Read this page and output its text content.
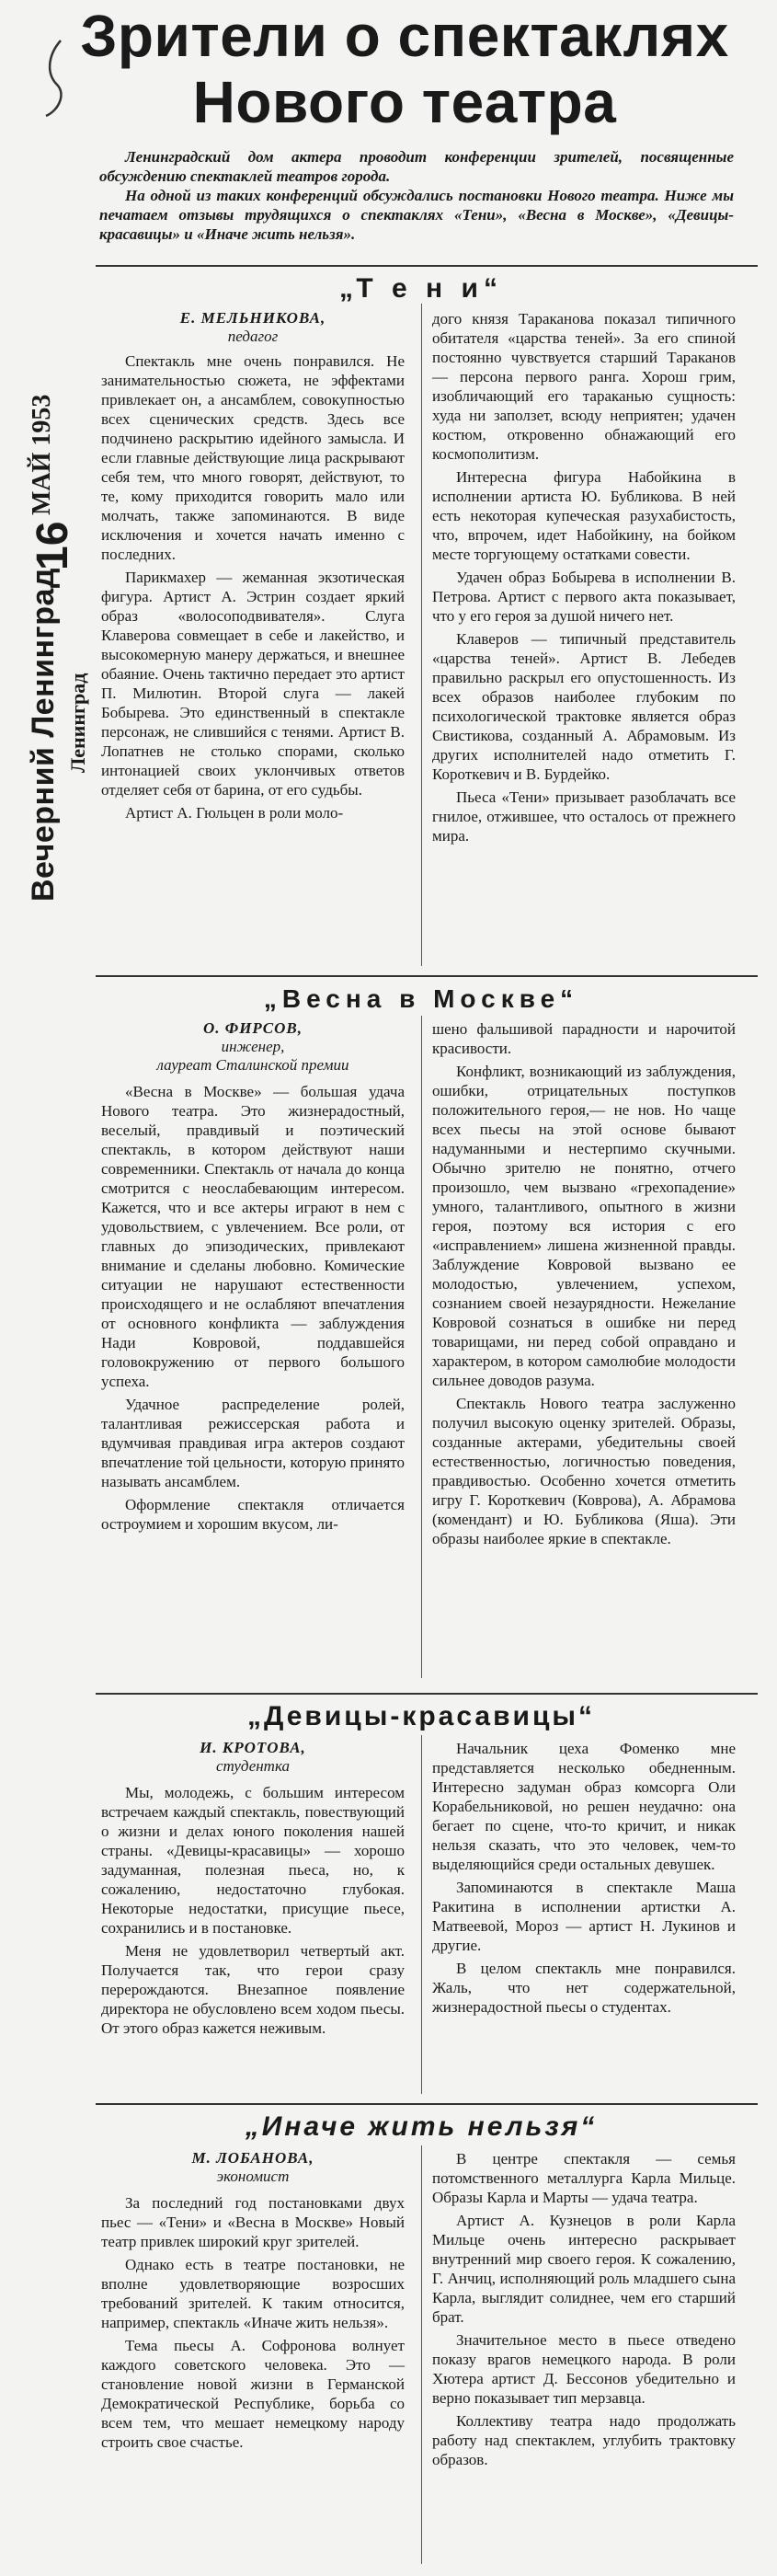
Вечерний Ленинград
16
МАЙ 1953
Ленинград
Зрители о спектаклях
Нового театра
Ленинградский дом актера проводит конференции зрителей, посвященные обсуждению спектаклей театров города.
На одной из таких конференций обсуждались постановки Нового театра. Ниже мы печатаем отзывы трудящихся о спектаклях «Тени», «Весна в Москве», «Девицы-красавицы» и «Иначе жить нельзя».
„Т е н и“
Е. МЕЛЬНИКОВА,
педагог

Спектакль мне очень понравился. Не занимательностью сюжета, не эффектами привлекает он, а ансамблем, совокупностью всех сценических средств. Здесь все подчинено раскрытию идейного замысла. И если главные действующие лица раскрывают себя тем, что много говорят, действуют, то те, кому приходится говорить мало или молчать, также запоминаются. В виде исключения и хочется начать именно с последних.

Парикмахер — жеманная экзотическая фигура. Артист А. Эстрин создает яркий образ «волосоподвивателя». Слуга Клаверова совмещает в себе и лакейство, и высокомерную манеру держаться, и внешнее обаяние. Очень тактично передает это артист П. Милютин. Второй слуга — лакей Бобырева. Это единственный в спектакле персонаж, не слившийся с тенями. Артист В. Лопатнев не столько спорами, сколько интонацией своих уклончивых ответов отделяет себя от барина, от его судьбы.

Артист А. Гюльцен в роли моло-

дого князя Тараканова показал типичного обитателя «царства теней». За его спиной постоянно чувствуется старший Тараканов — персона первого ранга. Хорош грим, изобличающий его тараканью сущность: худа ни заползет, всюду неприятен; удачен костюм, откровенно обнажающий его космополитизм.

Интересна фигура Набойкина в исполнении артиста Ю. Бубликова. В ней есть некоторая купеческая разухабистость, что, впрочем, идет Набойкину, на бойком месте торгующему остатками совести.

Удачен образ Бобырева в исполнении В. Петрова. Артист с первого акта показывает, что у его героя за душой ничего нет.

Клаверов — типичный представитель «царства теней». Артист В. Лебедев правильно раскрыл его опустошенность. Из всех образов наиболее глубоким по психологической трактовке является образ Свистикова, созданный А. Абрамовым. Из других исполнителей надо отметить Г. Короткевич и В. Бурдейко.

Пьеса «Тени» призывает разоблачать все гнилое, отжившее, что осталось от прежнего мира.

„Весна в Москве“
О. ФИРСОВ,
инженер,
лауреат Сталинской премии

«Весна в Москве» — большая удача Нового театра. Это жизнерадостный, веселый, правдивый и поэтический спектакль, в котором действуют наши современники. Спектакль от начала до конца смотрится с неослабевающим интересом. Кажется, что и все актеры играют в нем с удовольствием, с увлечением. Все роли, от главных до эпизодических, привлекают внимание и сделаны любовно. Комические ситуации не нарушают естественности происходящего и не ослабляют впечатления от основного конфликта — заблуждения Нади Ковровой, поддавшейся головокружению от первого большого успеха.

Удачное распределение ролей, талантливая режиссерская работа и вдумчивая правдивая игра актеров создают впечатление той цельности, которую принято называть ансамблем.

Оформление спектакля отличается остроумием и хорошим вкусом, ли-

шено фальшивой парадности и нарочитой красивости.

Конфликт, возникающий из заблуждения, ошибки, отрицательных поступков положительного героя,— не нов. Но чаще всех пьесы на этой основе бывают надуманными и нестерпимо скучными. Обычно зрителю не понятно, отчего произошло, чем вызвано «грехопадение» умного, талантливого, опытного в жизни героя, поэтому вся история с его «исправлением» лишена жизненной правды. Заблуждение Ковровой вызвано ее молодостью, увлечением, успехом, сознанием своей незаурядности. Нежелание Ковровой сознаться в ошибке ни перед товарищами, ни перед собой оправдано и характером, в котором самолюбие молодости сильнее доводов разума.

Спектакль Нового театра заслуженно получил высокую оценку зрителей. Образы, созданные актерами, убедительны своей естественностью, логичностью поведения, правдивостью. Особенно хочется отметить игру Г. Короткевич (Коврова), А. Абрамова (комендант) и Ю. Бубликова (Яша). Эти образы наиболее яркие в спектакле.

„Девицы-красавицы“
И. КРОТОВА,
студентка

Мы, молодежь, с большим интересом встречаем каждый спектакль, повествующий о жизни и делах юного поколения нашей страны. «Девицы-красавицы» — хорошо задуманная, полезная пьеса, но, к сожалению, недостаточно глубокая. Некоторые недостатки, присущие пьесе, сохранились и в постановке.

Меня не удовлетворил четвертый акт. Получается так, что герои сразу перерождаются. Внезапное появление директора не обусловлено всем ходом пьесы. От этого образ кажется неживым.

Начальник цеха Фоменко мне представляется несколько обедненным. Интересно задуман образ комсорга Оли Корабельниковой, но решен неудачно: она бегает по сцене, что-то кричит, и никак нельзя сказать, что это человек, чем-то выделяющийся среди остальных девушек.

Запоминаются в спектакле Маша Ракитина в исполнении артистки А. Матвеевой, Мороз — артист Н. Лукинов и другие.

В целом спектакль мне понравился. Жаль, что нет содержательной, жизнерадостной пьесы о студентах.

„Иначе жить нельзя“
М. ЛОБАНОВА,
экономист

За последний год постановками двух пьес — «Тени» и «Весна в Москве» Новый театр привлек широкий круг зрителей.

Однако есть в театре постановки, не вполне удовлетворяющие возросших требований зрителей. К таким относится, например, спектакль «Иначе жить нельзя».

Тема пьесы А. Софронова волнует каждого советского человека. Это — становление новой жизни в Германской Демократической Республике, борьба со всем тем, что мешает немецкому народу строить свое счастье.

В центре спектакля — семья потомственного металлурга Карла Мильце. Образы Карла и Марты — удача театра.

Артист А. Кузнецов в роли Карла Мильце очень интересно раскрывает внутренний мир своего героя. К сожалению, Г. Анчиц, исполняющий роль младшего сына Карла, выглядит солиднее, чем его старший брат.

Значительное место в пьесе отведено показу врагов немецкого народа. В роли Хютера артист Д. Бессонов убедительно и верно показывает тип мерзавца.

Коллективу театра надо продолжать работу над спектаклем, углубить трактовку образов.
